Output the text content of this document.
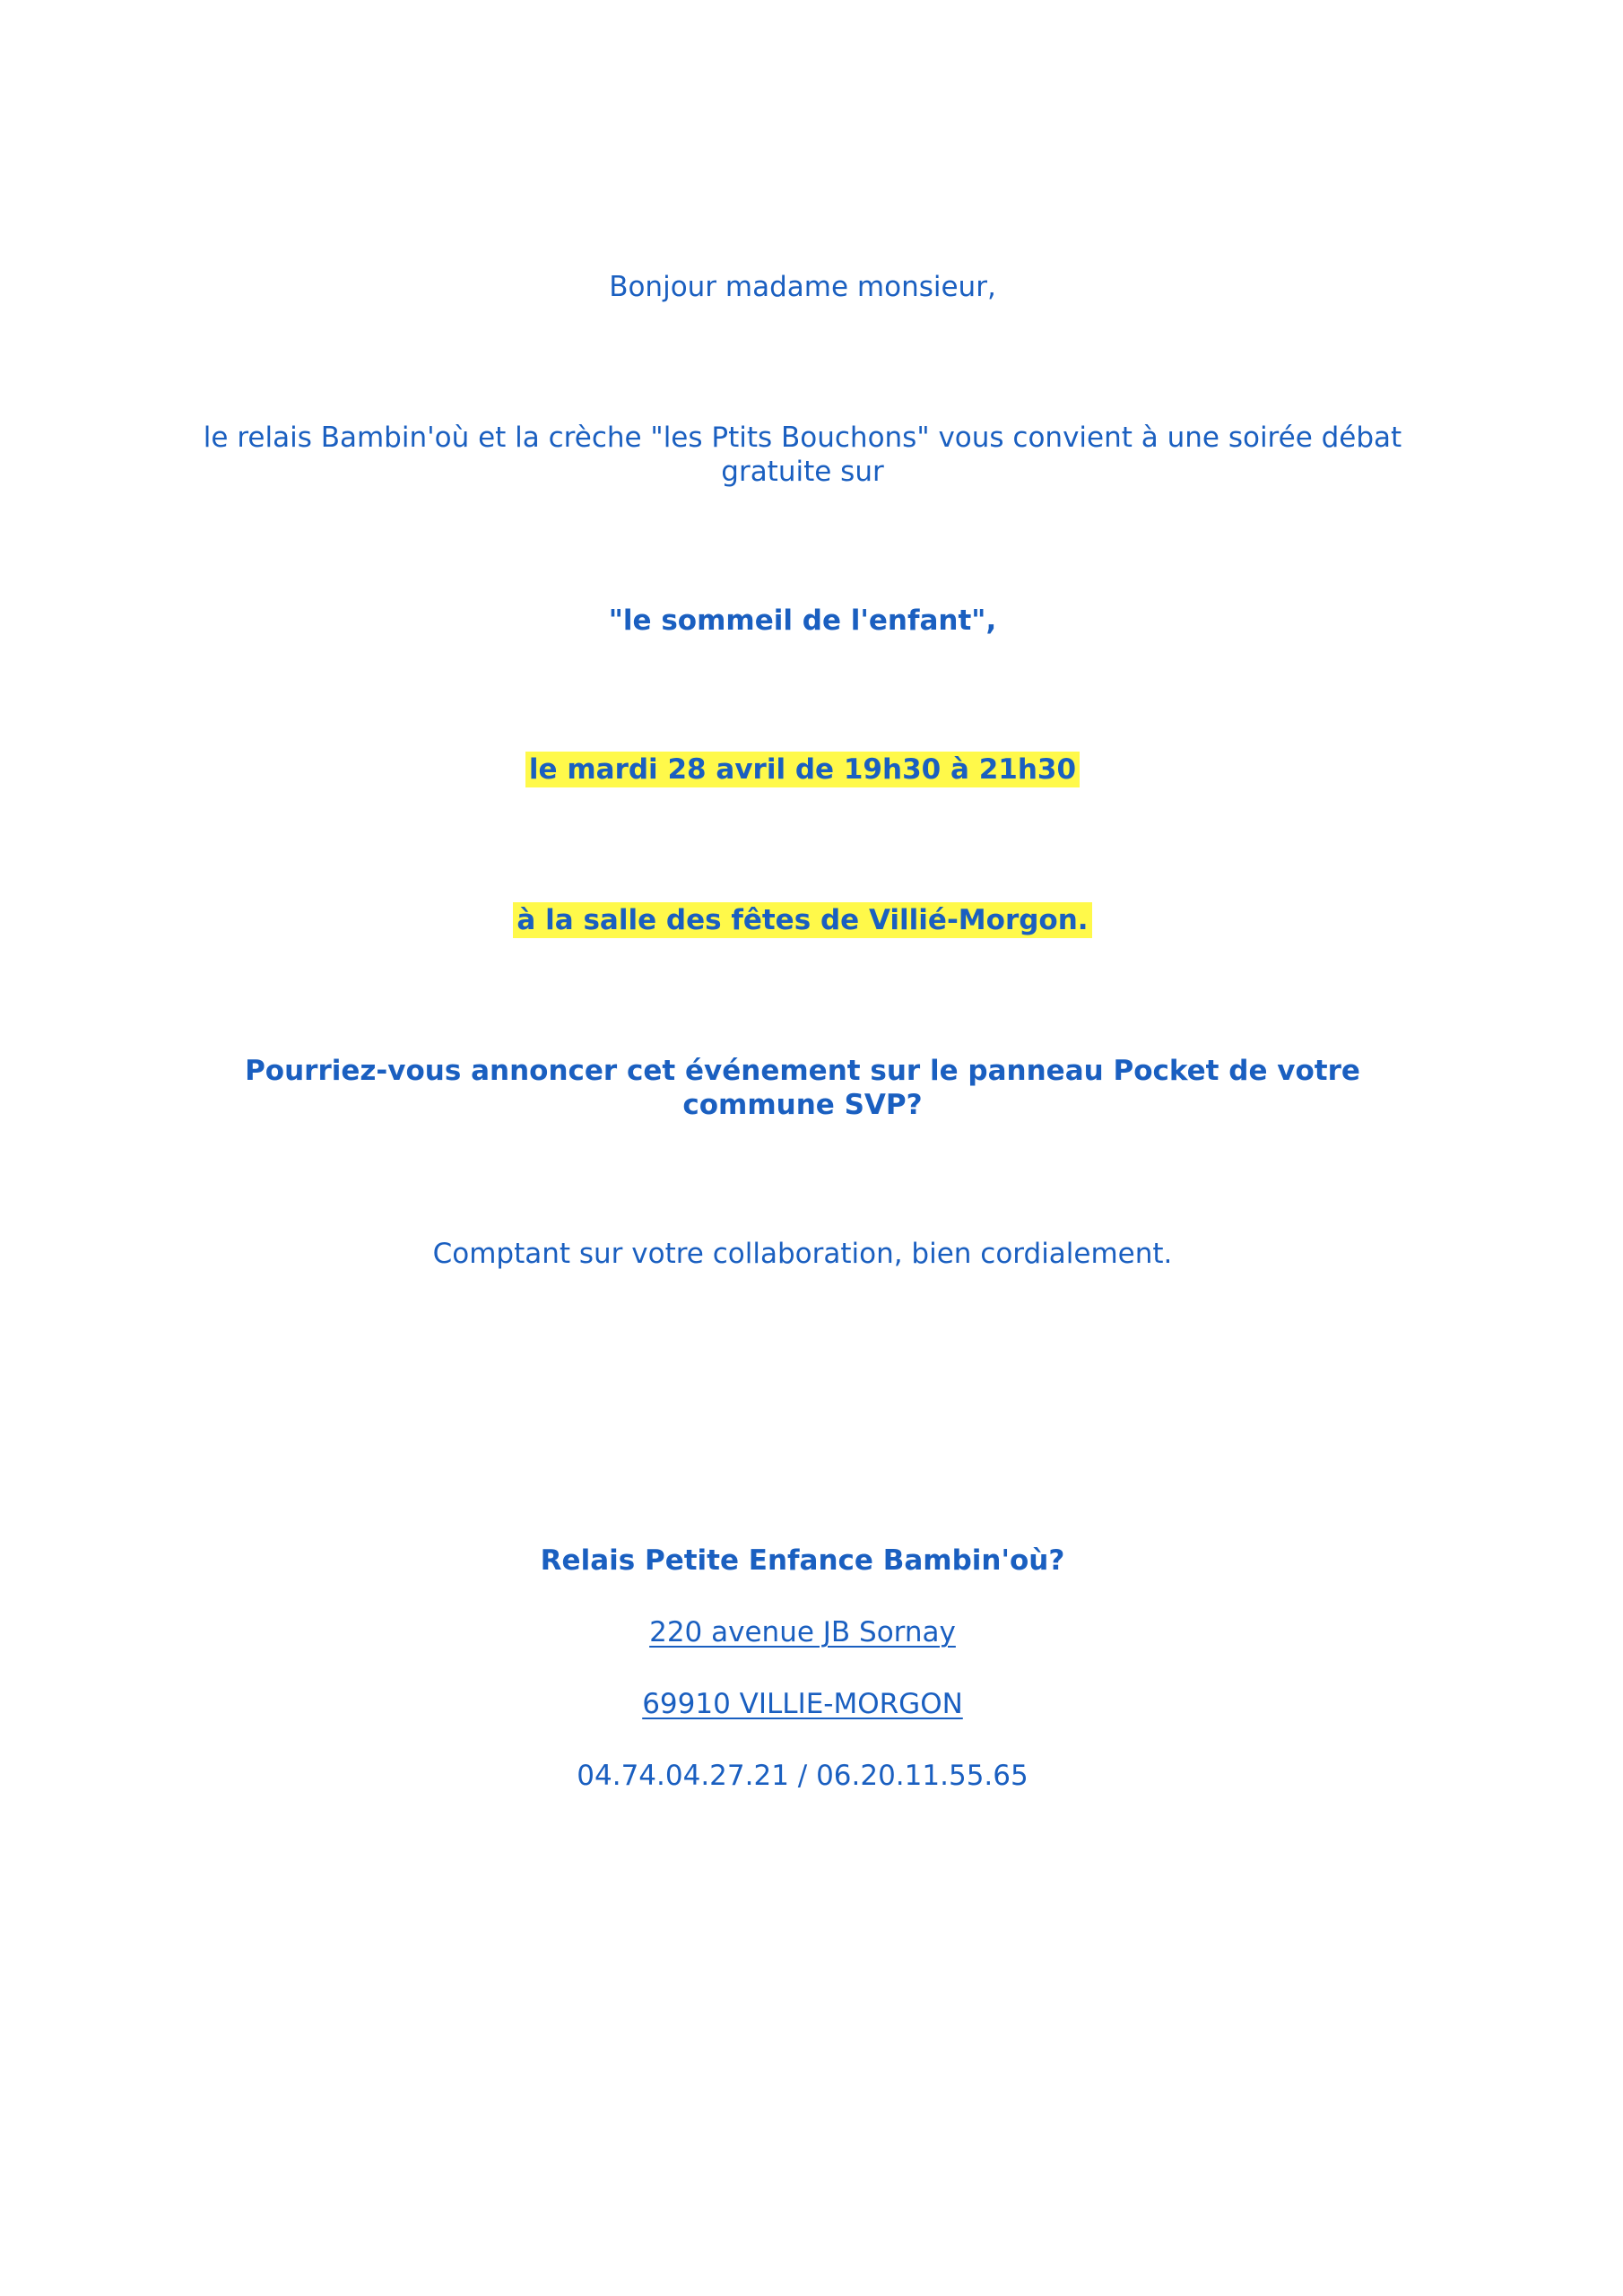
Bonjour madame monsieur,
le relais Bambin'où et la crèche "les Ptits Bouchons" vous convient à une soirée débat
gratuite sur
"le sommeil de l'enfant",
le mardi 28 avril de 19h30 à 21h30
à la salle des fêtes de Villié-Morgon.
Pourriez-vous annoncer cet événement sur le panneau Pocket de votre
commune SVP?
Comptant sur votre collaboration, bien cordialement.
Relais Petite Enfance Bambin'où?
220 avenue JB Sornay
69910 VILLIE-MORGON
04.74.04.27.21 / 06.20.11.55.65
